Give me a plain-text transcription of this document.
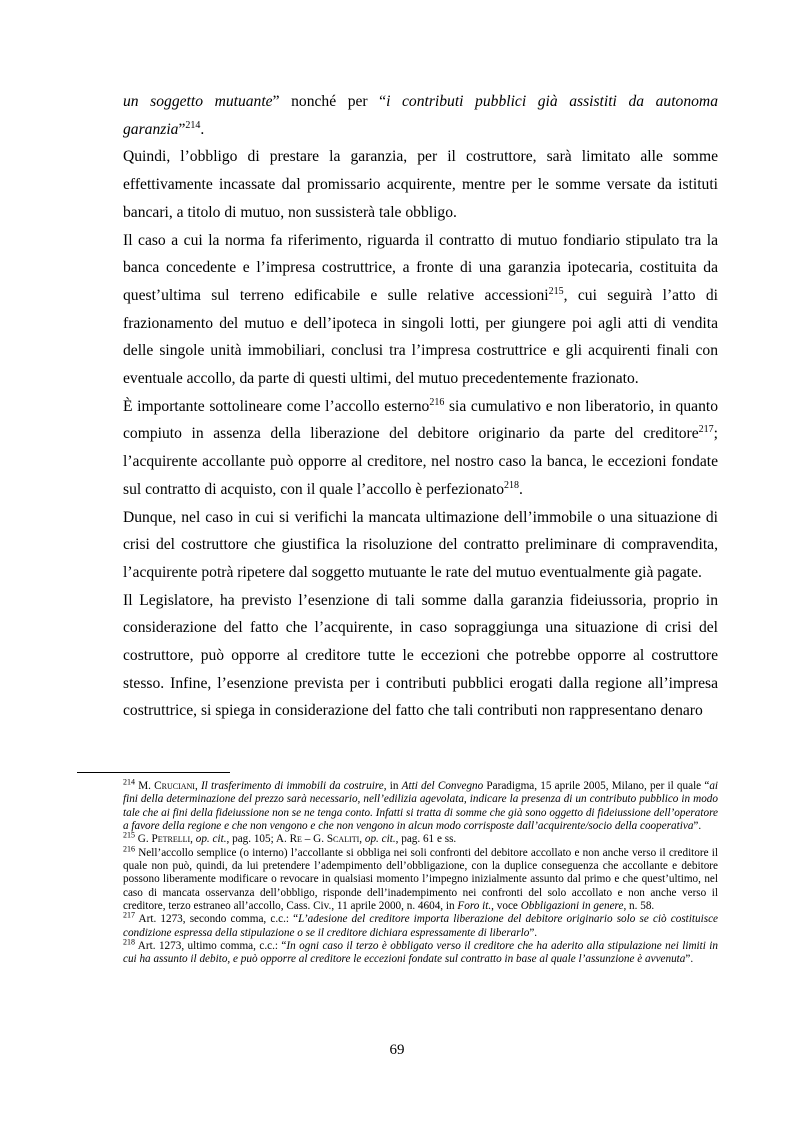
un soggetto mutuante” nonché per “i contributi pubblici già assistiti da autonoma garanzia”$^{214}$.

Quindi, l’obbligo di prestare la garanzia, per il costruttore, sarà limitato alle somme effettivamente incassate dal promissario acquirente, mentre per le somme versate da istituti bancari, a titolo di mutuo, non sussisterà tale obbligo.

Il caso a cui la norma fa riferimento, riguarda il contratto di mutuo fondiario stipulato tra la banca concedente e l’impresa costruttrice, a fronte di una garanzia ipotecaria, costituita da quest’ultima sul terreno edificabile e sulle relative accessioni$^{215}$, cui seguirà l’atto di frazionamento del mutuo e dell’ipoteca in singoli lotti, per giungere poi agli atti di vendita delle singole unità immobiliari, conclusi tra l’impresa costruttrice e gli acquirenti finali con eventuale accollo, da parte di questi ultimi, del mutuo precedentemente frazionato.

È importante sottolineare come l’accollo esterno$^{216}$ sia cumulativo e non liberatorio, in quanto compiuto in assenza della liberazione del debitore originario da parte del creditore$^{217}$; l’acquirente accollante può opporre al creditore, nel nostro caso la banca, le eccezioni fondate sul contratto di acquisto, con il quale l’accollo è perfezionato$^{218}$.

Dunque, nel caso in cui si verifichi la mancata ultimazione dell’immobile o una situazione di crisi del costruttore che giustifica la risoluzione del contratto preliminare di compravendita, l’acquirente potrà ripetere dal soggetto mutuante le rate del mutuo eventualmente già pagate.

Il Legislatore, ha previsto l’esenzione di tali somme dalla garanzia fideiussoria, proprio in considerazione del fatto che l’acquirente, in caso sopraggiunga una situazione di crisi del costruttore, può opporre al creditore tutte le eccezioni che potrebbe opporre al costruttore stesso. Infine, l’esenzione prevista per i contributi pubblici erogati dalla regione all’impresa costruttrice, si spiega in considerazione del fatto che tali contributi non rappresentano denaro

$^{214}$ M. Cruciani, Il trasferimento di immobili da costruire, in Atti del Convegno Paradigma, 15 aprile 2005, Milano, per il quale “ai fini della determinazione del prezzo sarà necessario, nell’edilizia agevolata, indicare la presenza di un contributo pubblico in modo tale che ai fini della fideiussione non se ne tenga conto. Infatti si tratta di somme che già sono oggetto di fideiussione dell’operatore a favore della regione e che non vengono e che non vengono in alcun modo corrisposte dall’acquirente/socio della cooperativa”.

$^{215}$ G. Petrelli, op. cit., pag. 105; A. Re – G. Scaliti, op. cit., pag. 61 e ss.

$^{216}$ Nell’accollo semplice (o interno) l’accollante si obbliga nei soli confronti del debitore accollato e non anche verso il creditore il quale non può, quindi, da lui pretendere l’adempimento dell’obbligazione, con la duplice conseguenza che accollante e debitore possono liberamente modificare o revocare in qualsiasi momento l’impegno inizialmente assunto dal primo e che quest’ultimo, nel caso di mancata osservanza dell’obbligo, risponde dell’inadempimento nei confronti del solo accollato e non anche verso il creditore, terzo estraneo all’accollo, Cass. Civ., 11 aprile 2000, n. 4604, in Foro it., voce Obbligazioni in genere, n. 58.

$^{217}$ Art. 1273, secondo comma, c.c.: “L’adesione del creditore importa liberazione del debitore originario solo se ciò costituisce condizione espressa della stipulazione o se il creditore dichiara espressamente di liberarlo”.

$^{218}$ Art. 1273, ultimo comma, c.c.: “In ogni caso il terzo è obbligato verso il creditore che ha aderito alla stipulazione nei limiti in cui ha assunto il debito, e può opporre al creditore le eccezioni fondate sul contratto in base al quale l’assunzione è avvenuta”.

69
